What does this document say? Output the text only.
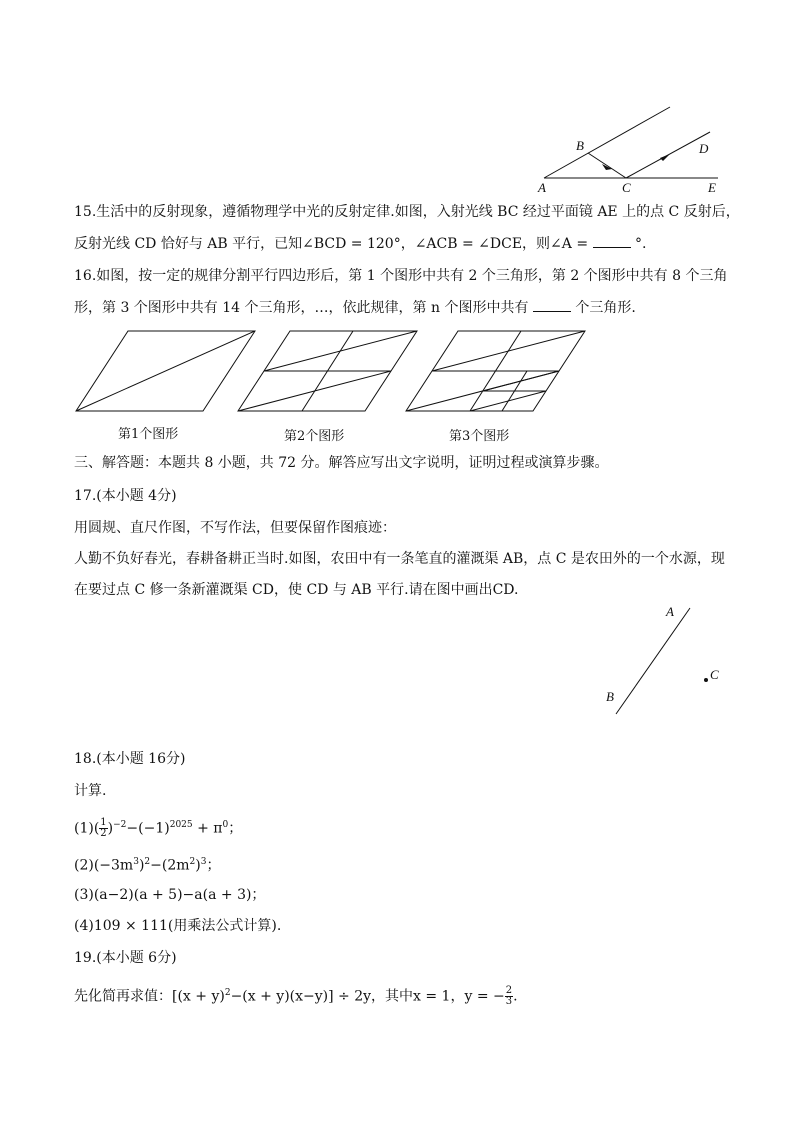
B	D
A	C	E
15.生活中的反射现象，遵循物理学中光的反射定律.如图，入射光线 BC 经过平面镜 AE 上的点 C 反射后，
反射光线 CD 恰好与 AB 平行，已知∠BCD = 120°，∠ACB = ∠DCE，则∠A =	°.
16.如图，按一定的规律分割平行四边形后，第 1 个图形中共有 2 个三角形，第 2 个图形中共有 8 个三角
形，第 3 个图形中共有 14 个三角形，…，依此规律，第 n 个图形中共有	个三角形.
第1个图形	第2个图形	第3个图形
三、解答题：本题共 8 小题，共 72 分。解答应写出文字说明，证明过程或演算步骤。
17.(本小题 4分)
用圆规、直尺作图，不写作法，但要保留作图痕迹：
人勤不负好春光，春耕备耕正当时.如图，农田中有一条笔直的灌溉渠 AB，点 C 是农田外的一个水源，现
在要过点 C 修一条新灌溉渠 CD，使 CD 与 AB 平行.请在图中画出CD.
A
B
C
18.(本小题 16分)
计算.
$(1)( \frac{1}{2} )^{-2}-(-1)^{2025} + \pi^0$；
$(2)(-3m^3)^2-(2m^2)^3$；
(3)(a−2)(a + 5)−a(a + 3)；
(4)109 × 111(用乘法公式计算).
19.(本小题 6分)
先化简再求值：$[(x + y)^2-(x + y)(x-y)] \div 2y$，其中x = 1，y = − $\frac{2}{3}$ .
